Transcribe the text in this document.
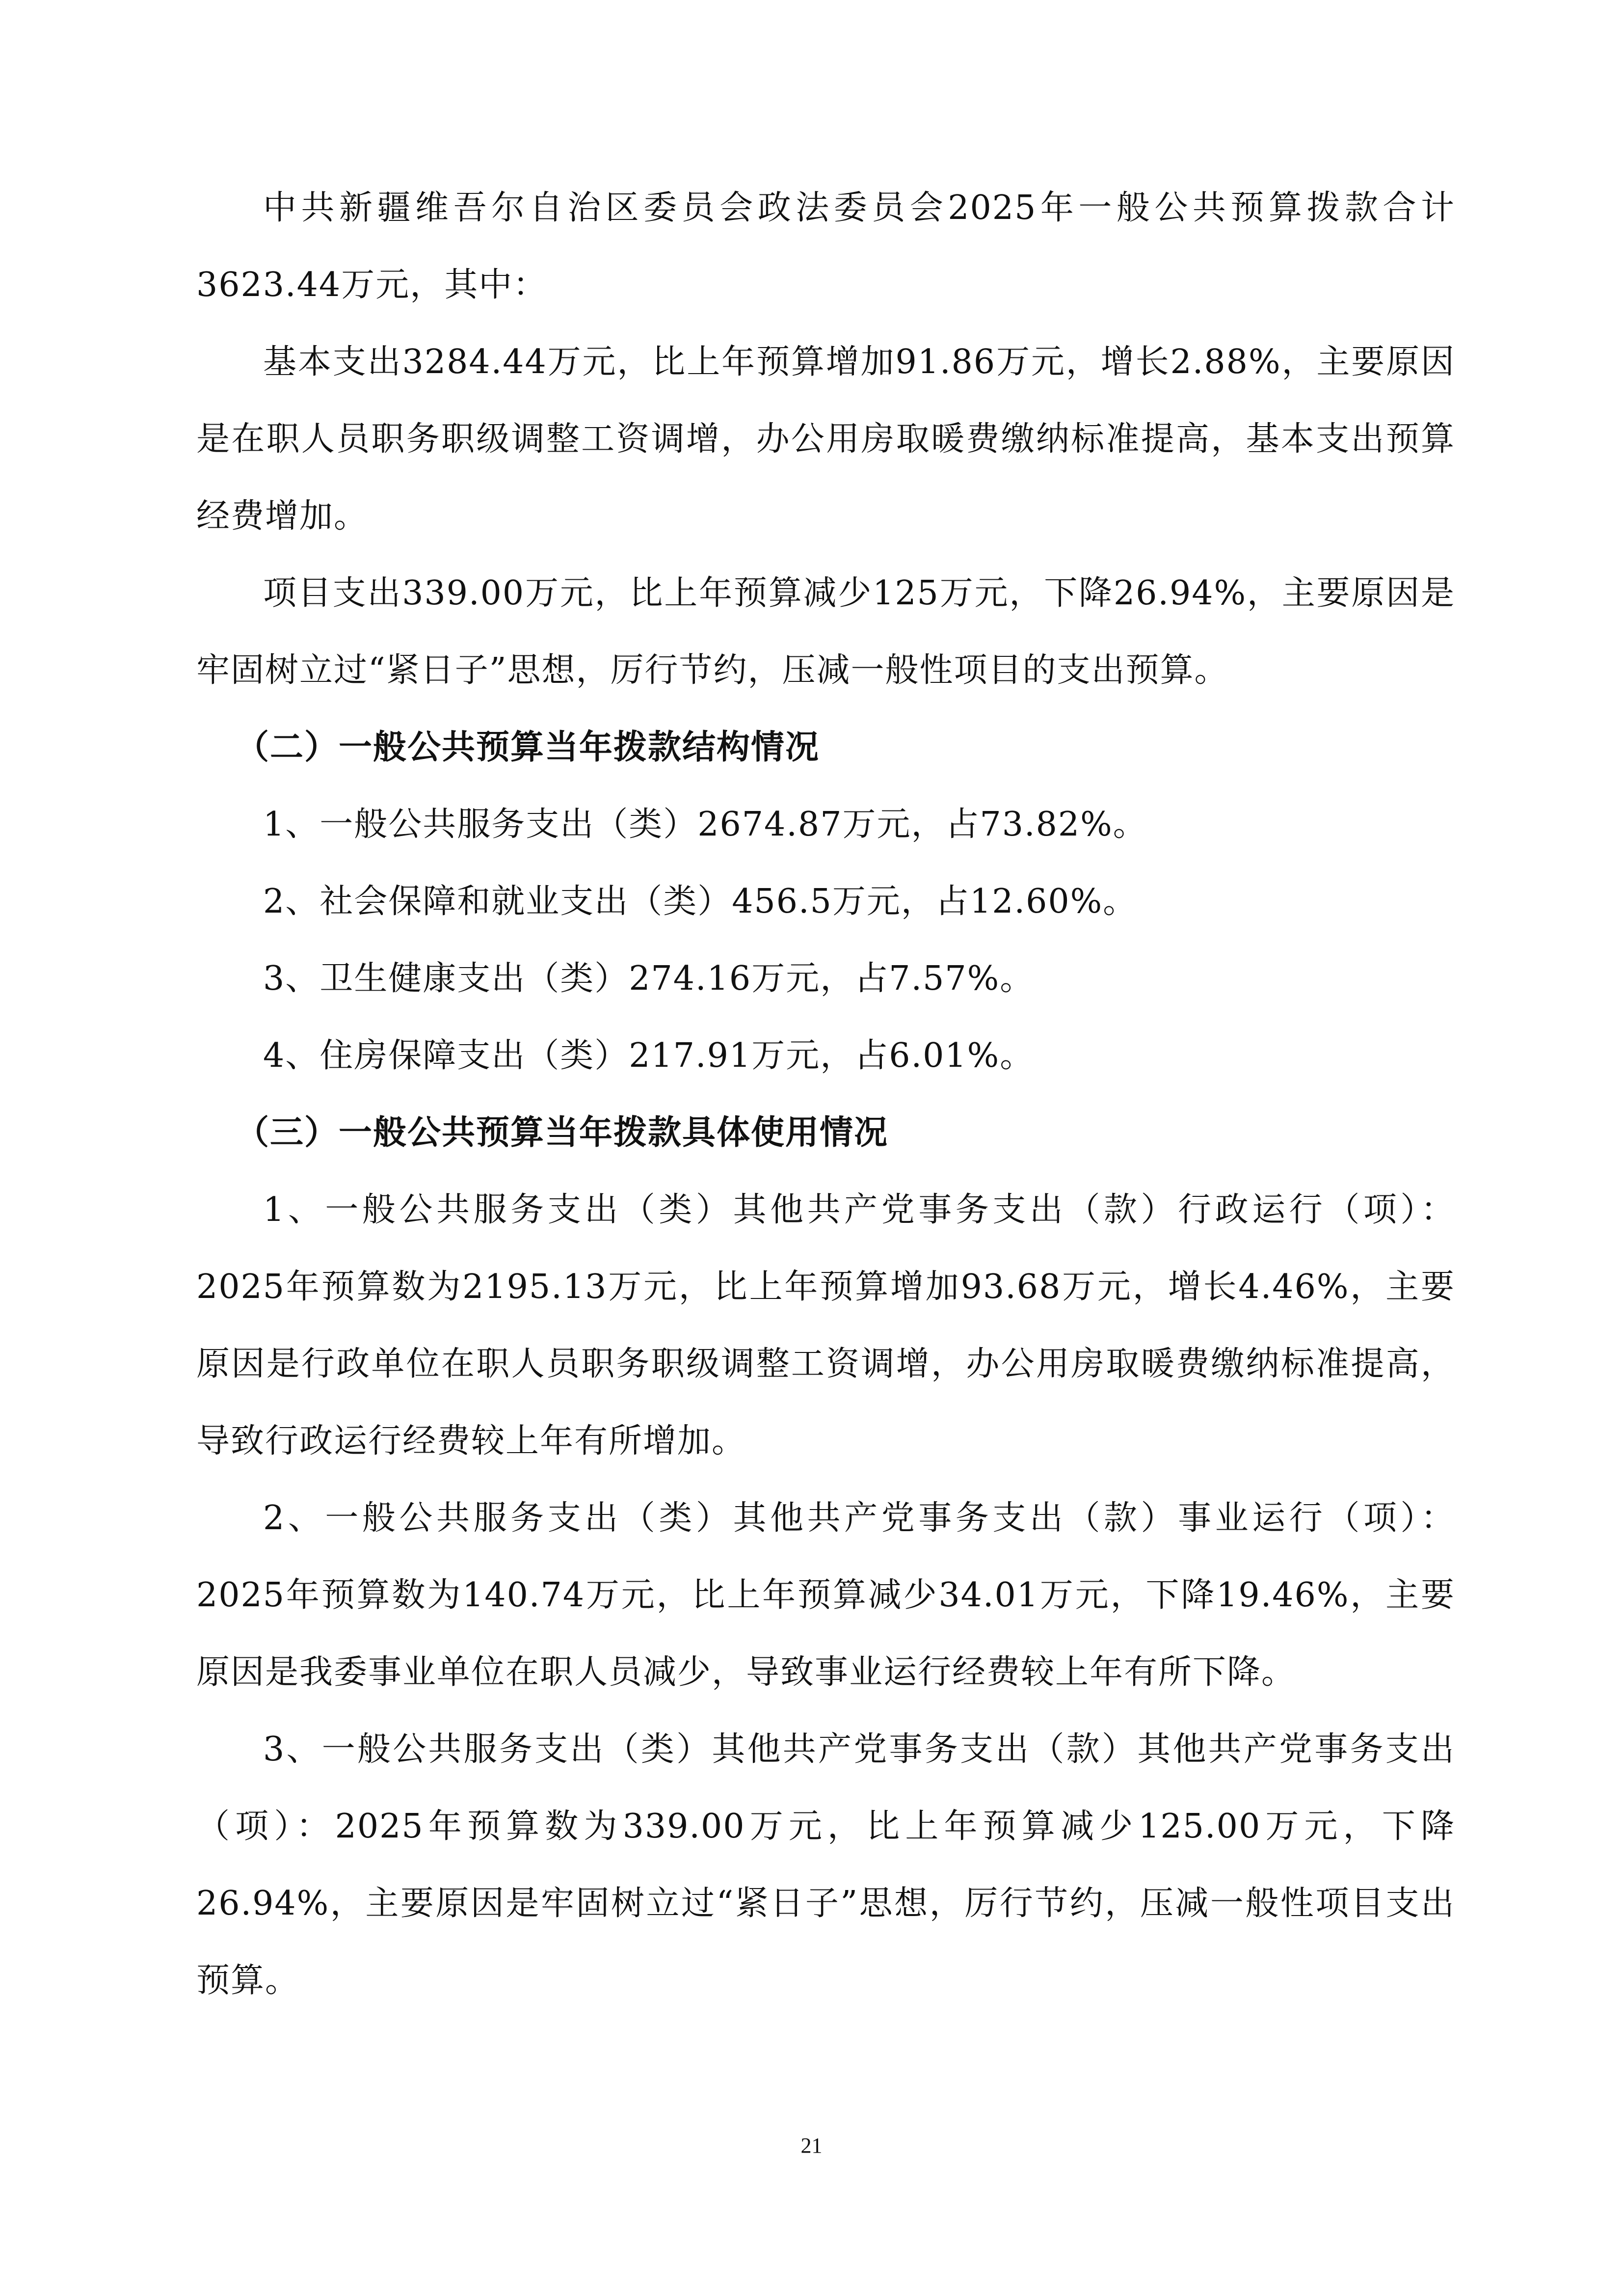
中共新疆维吾尔自治区委员会政法委员会2025年一般公共预算拨款合计3623.44万元，其中：

基本支出3284.44万元，比上年预算增加91.86万元，增长2.88%，主要原因是在职人员职务职级调整工资调增，办公用房取暖费缴纳标准提高，基本支出预算经费增加。

项目支出339.00万元，比上年预算减少125万元，下降26.94%，主要原因是牢固树立过“紧日子”思想，厉行节约，压减一般性项目的支出预算。

（二）一般公共预算当年拨款结构情况

1、一般公共服务支出（类）2674.87万元，占73.82%。

2、社会保障和就业支出（类）456.5万元，占12.60%。

3、卫生健康支出（类）274.16万元，占7.57%。

4、住房保障支出（类）217.91万元，占6.01%。

（三）一般公共预算当年拨款具体使用情况

1、一般公共服务支出（类）其他共产党事务支出（款）行政运行（项）：2025年预算数为2195.13万元，比上年预算增加93.68万元，增长4.46%，主要原因是行政单位在职人员职务职级调整工资调增，办公用房取暖费缴纳标准提高，导致行政运行经费较上年有所增加。

2、一般公共服务支出（类）其他共产党事务支出（款）事业运行（项）：2025年预算数为140.74万元，比上年预算减少34.01万元，下降19.46%，主要原因是我委事业单位在职人员减少，导致事业运行经费较上年有所下降。

3、一般公共服务支出（类）其他共产党事务支出（款）其他共产党事务支出（项）：2025年预算数为339.00万元，比上年预算减少125.00万元，下降26.94%，主要原因是牢固树立过“紧日子”思想，厉行节约，压减一般性项目支出预算。

21
